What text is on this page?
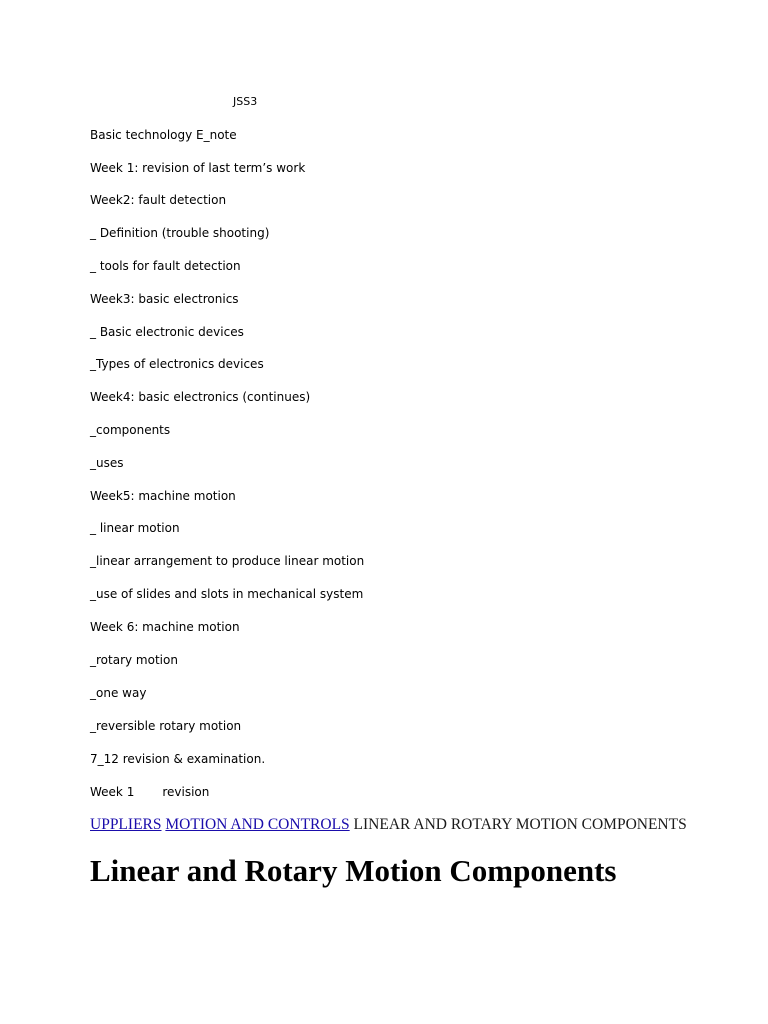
JSS3
Basic technology E_note
Week 1: revision of last term’s work
Week2: fault detection
_ Definition (trouble shooting)
_ tools for fault detection
Week3: basic electronics
_ Basic electronic devices
_Types of electronics devices
Week4: basic electronics (continues)
_components
_uses
Week5: machine motion
_ linear motion
_linear arrangement to produce linear motion
_use of slides and slots in mechanical system
Week 6: machine motion
_rotary motion
_one way
_reversible rotary motion
7_12 revision & examination.
Week 1 revision
UPPLIERS MOTION AND CONTROLS LINEAR AND ROTARY MOTION COMPONENTS
Linear and Rotary Motion Components
